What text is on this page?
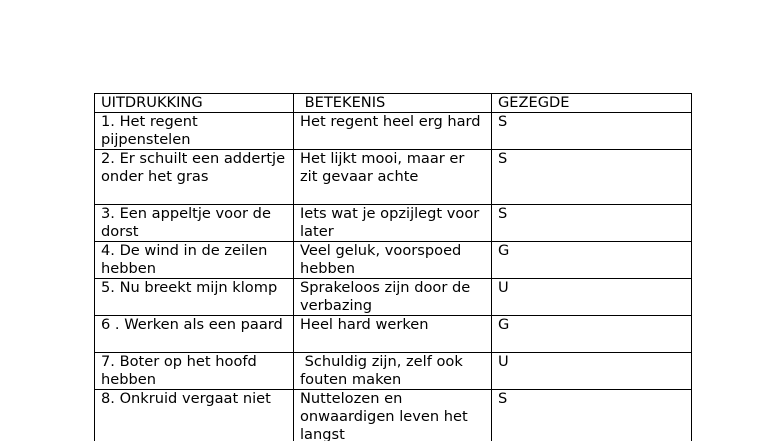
UITDRUKKING	BETEKENIS	GEZEGDE

1. Het regent pijpenstelen	Het regent heel erg hard	S

2. Er schuilt een addertje onder het gras	Het lijkt mooi, maar er zit gevaar achte	S

3. Een appeltje voor de dorst	Iets wat je opzijlegt voor later	S

4. De wind in de zeilen hebben	Veel geluk, voorspoed hebben	G

5. Nu breekt mijn klomp	Sprakeloos zijn door de verbazing	U

6 . Werken als een paard	Heel hard werken	G

7. Boter op het hoofd hebben	Schuldig zijn, zelf ook fouten maken	U

8. Onkruid vergaat niet	Nuttelozen en onwaardigen leven het langst	S
